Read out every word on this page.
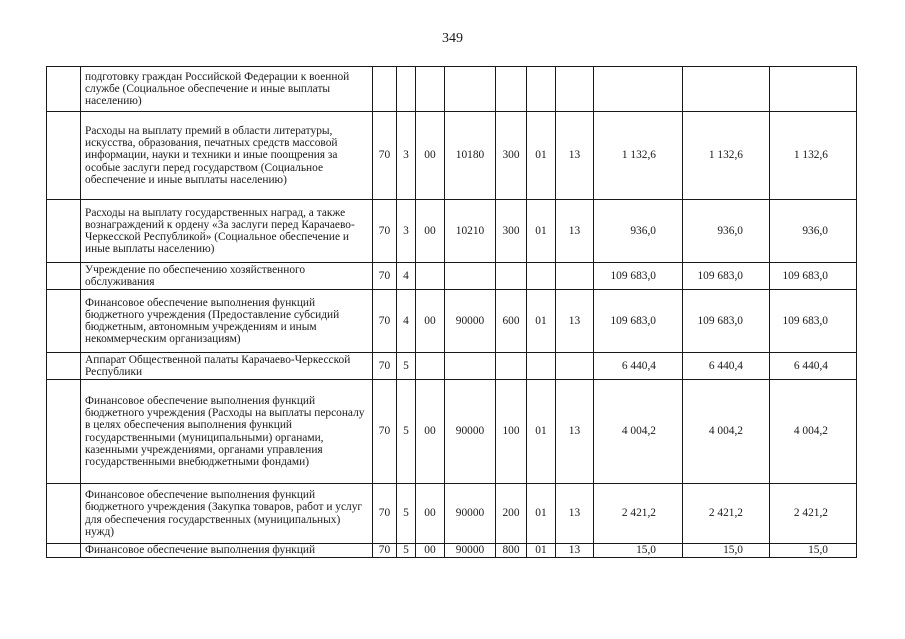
349
	подготовку граждан Российской Федерации к военной службе (Социальное обеспечение и иные выплаты населению)										
	Расходы на выплату премий в области литературы, искусства, образования, печатных средств массовой информации, науки и техники и иные поощрения за особые заслуги перед государством (Социальное обеспечение и иные выплаты населению)	70	3	00	10180	300	01	13	1 132,6	1 132,6	1 132,6
	Расходы на выплату государственных наград, а также вознаграждений к ордену «За заслуги перед Карачаево-Черкесской Республикой» (Социальное обеспечение и иные выплаты населению)	70	3	00	10210	300	01	13	936,0	936,0	936,0
	Учреждение по обеспечению хозяйственного обслуживания	70	4						109 683,0	109 683,0	109 683,0
	Финансовое обеспечение выполнения функций бюджетного учреждения (Предоставление субсидий бюджетным, автономным учреждениям и иным некоммерческим организациям)	70	4	00	90000	600	01	13	109 683,0	109 683,0	109 683,0
	Аппарат Общественной палаты Карачаево-Черкесской Республики	70	5						6 440,4	6 440,4	6 440,4
	Финансовое обеспечение выполнения функций бюджетного учреждения (Расходы на выплаты персоналу в целях обеспечения выполнения функций государственными (муниципальными) органами, казенными учреждениями, органами управления государственными внебюджетными фондами)	70	5	00	90000	100	01	13	4 004,2	4 004,2	4 004,2
	Финансовое обеспечение выполнения функций бюджетного учреждения (Закупка товаров, работ и услуг для обеспечения государственных (муниципальных) нужд)	70	5	00	90000	200	01	13	2 421,2	2 421,2	2 421,2
	Финансовое обеспечение выполнения функций	70	5	00	90000	800	01	13	15,0	15,0	15,0
